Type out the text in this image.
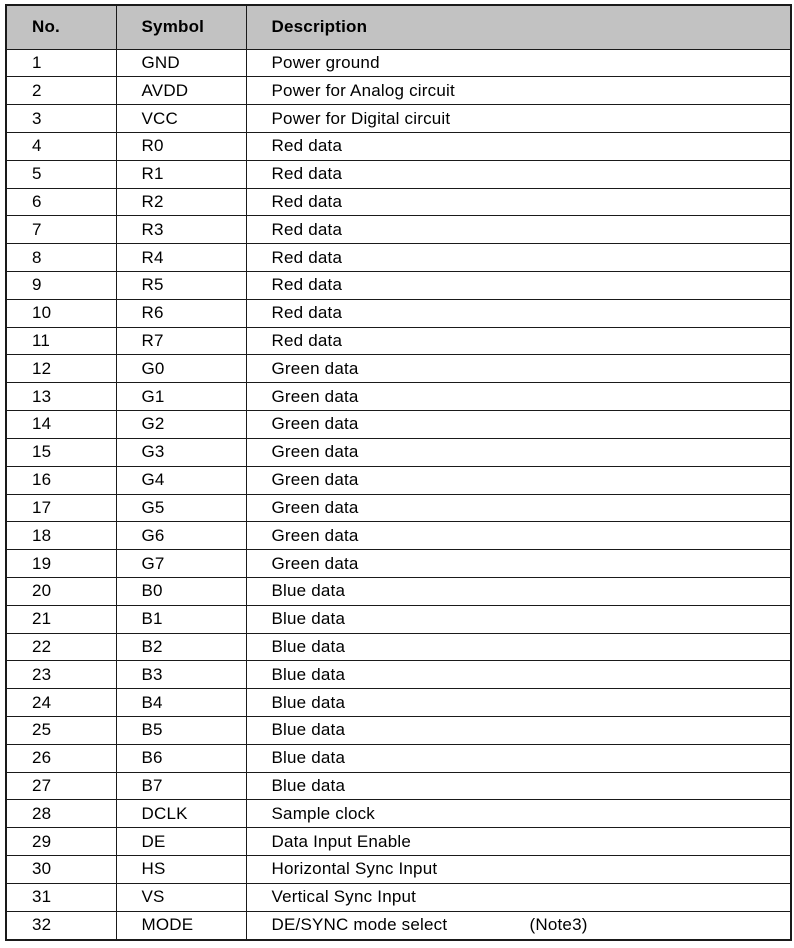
No.	Symbol	Description
1	GND	Power ground
2	AVDD	Power for Analog circuit
3	VCC	Power for Digital circuit
4	R0	Red data
5	R1	Red data
6	R2	Red data
7	R3	Red data
8	R4	Red data
9	R5	Red data
10	R6	Red data
11	R7	Red data
12	G0	Green data
13	G1	Green data
14	G2	Green data
15	G3	Green data
16	G4	Green data
17	G5	Green data
18	G6	Green data
19	G7	Green data
20	B0	Blue data
21	B1	Blue data
22	B2	Blue data
23	B3	Blue data
24	B4	Blue data
25	B5	Blue data
26	B6	Blue data
27	B7	Blue data
28	DCLK	Sample clock
29	DE	Data Input Enable
30	HS	Horizontal Sync Input
31	VS	Vertical Sync Input
32	MODE	DE/SYNC mode select (Note3)
